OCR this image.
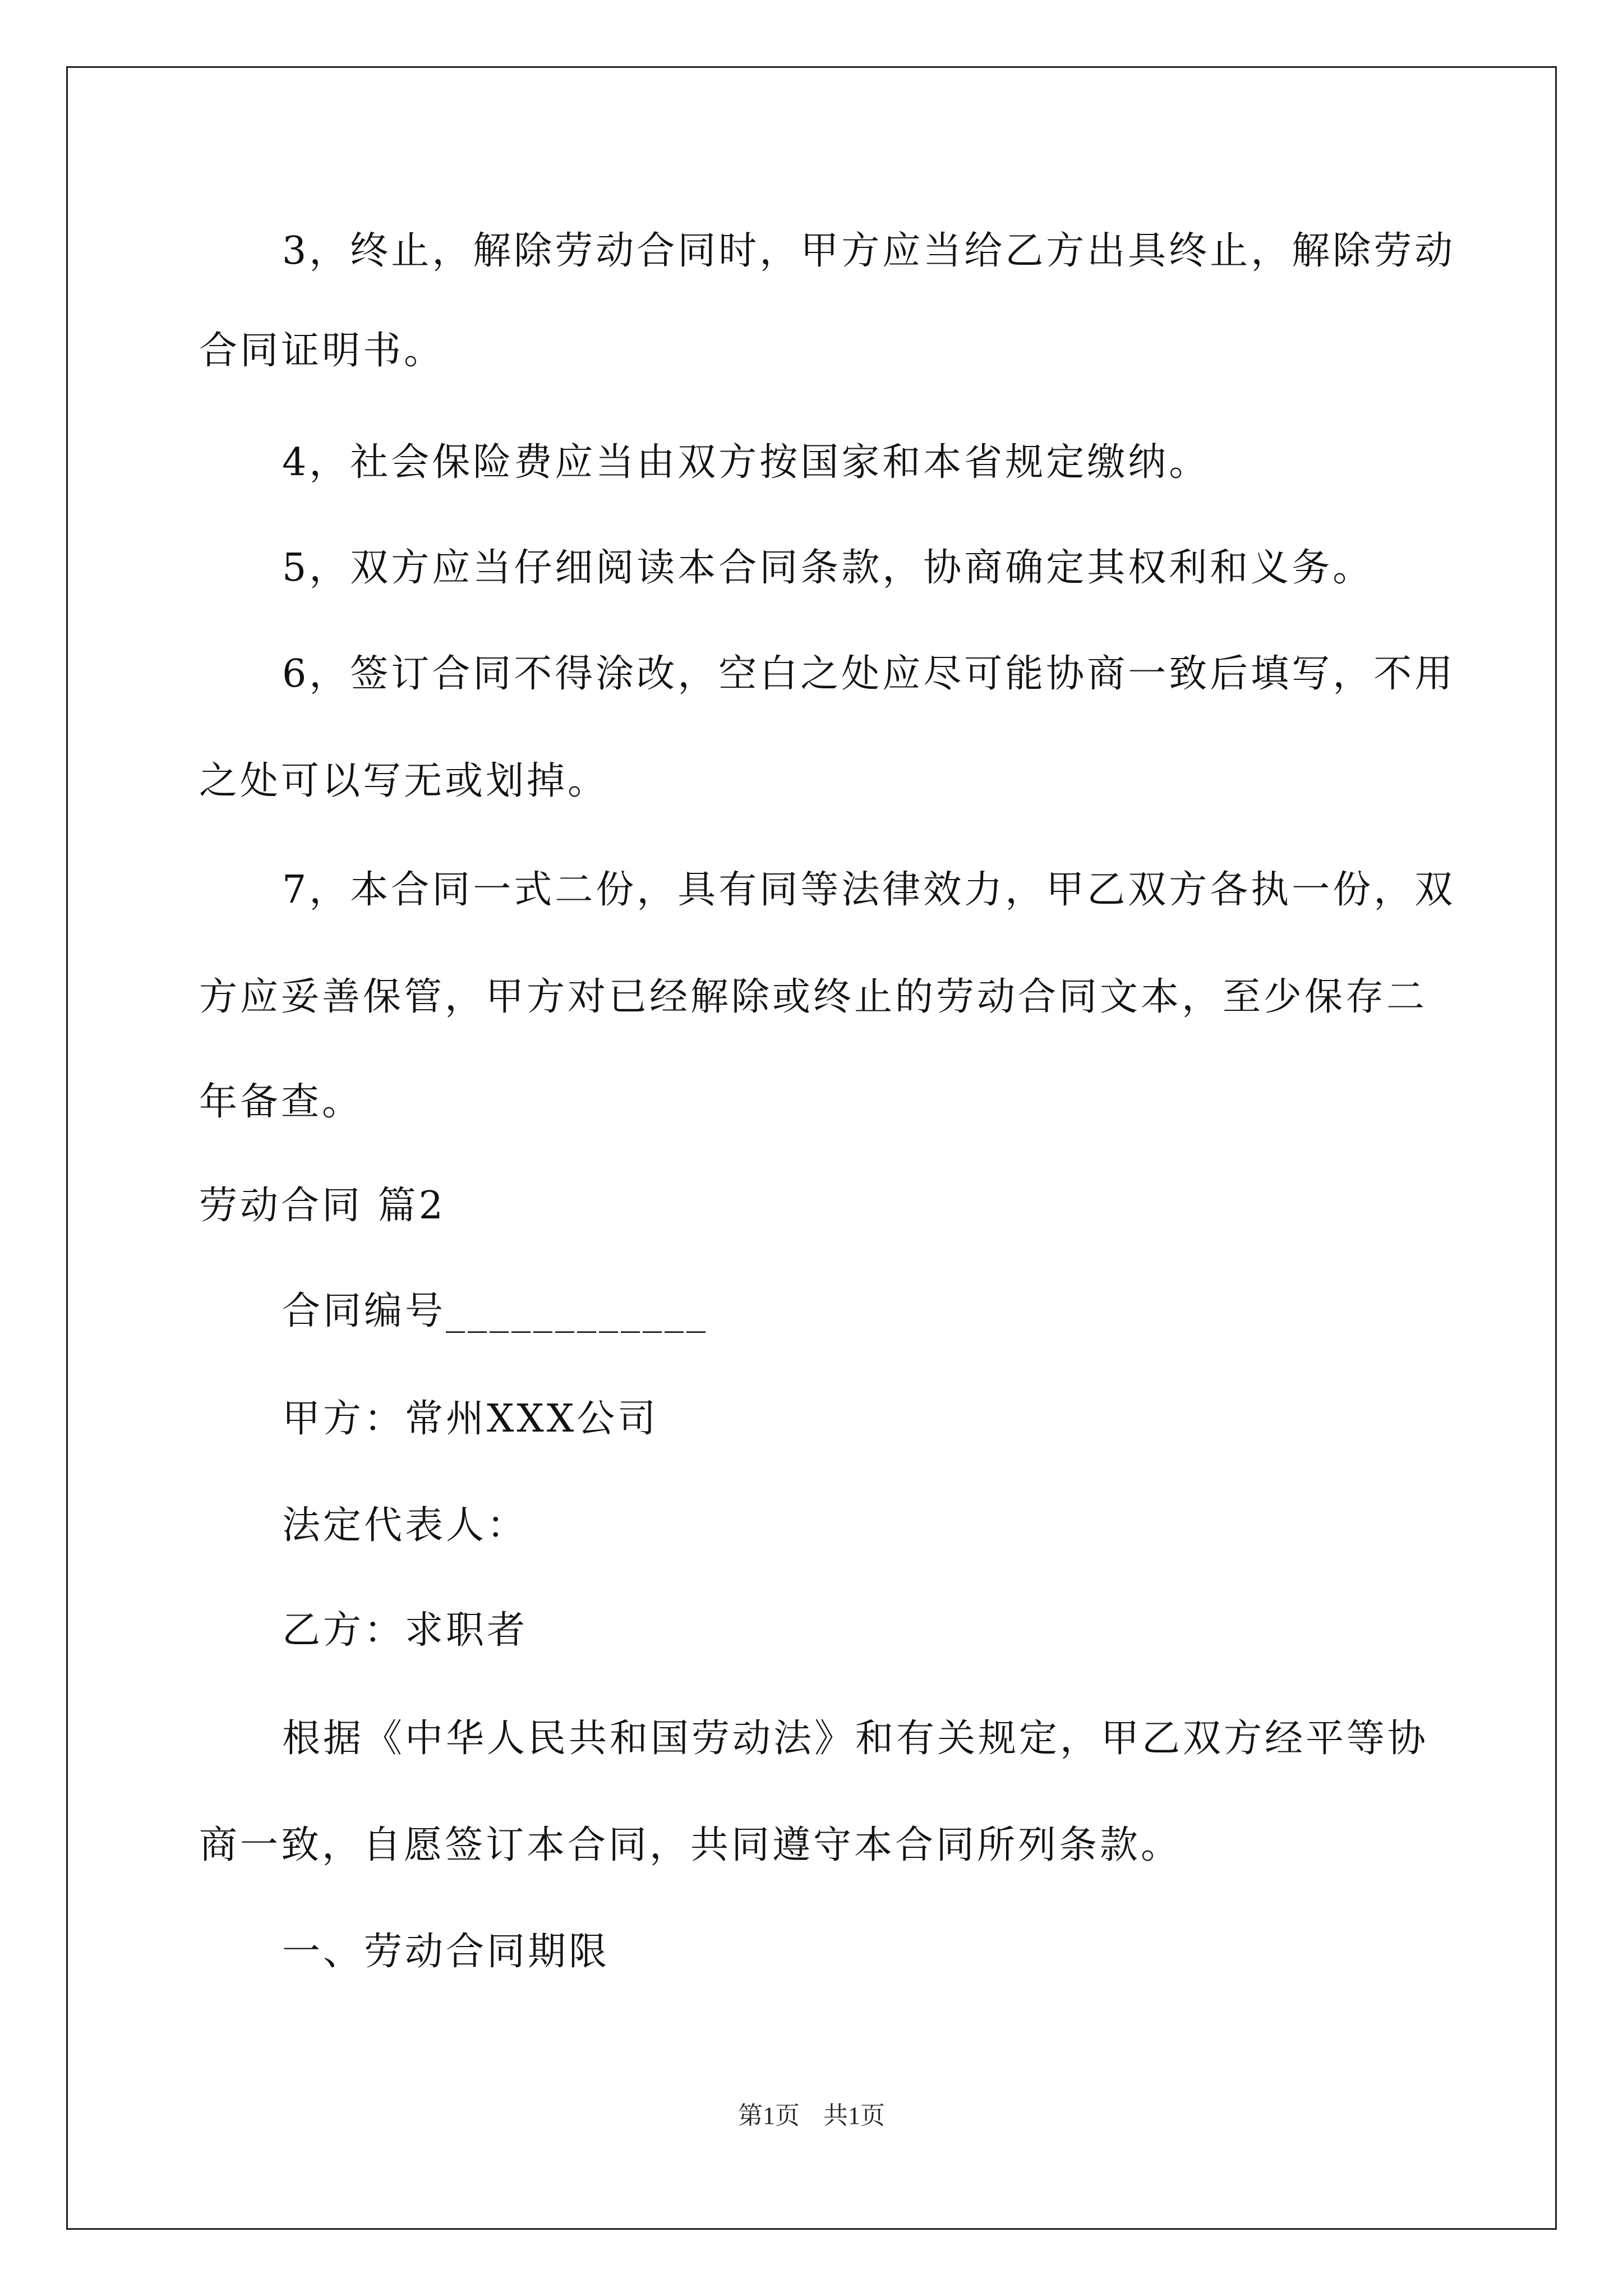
3，终止，解除劳动合同时，甲方应当给乙方出具终止，解除劳动
合同证明书。
4，社会保险费应当由双方按国家和本省规定缴纳。
5，双方应当仔细阅读本合同条款，协商确定其权利和义务。
6，签订合同不得涂改，空白之处应尽可能协商一致后填写，不用
之处可以写无或划掉。
7，本合同一式二份，具有同等法律效力，甲乙双方各执一份，双
方应妥善保管，甲方对已经解除或终止的劳动合同文本，至少保存二
年备查。
劳动合同 篇2
合同编号____________
甲方：常州XXX公司
法定代表人：
乙方：求职者
根据《中华人民共和国劳动法》和有关规定，甲乙双方经平等协
商一致，自愿签订本合同，共同遵守本合同所列条款。
一、劳动合同期限
第1页 共1页
